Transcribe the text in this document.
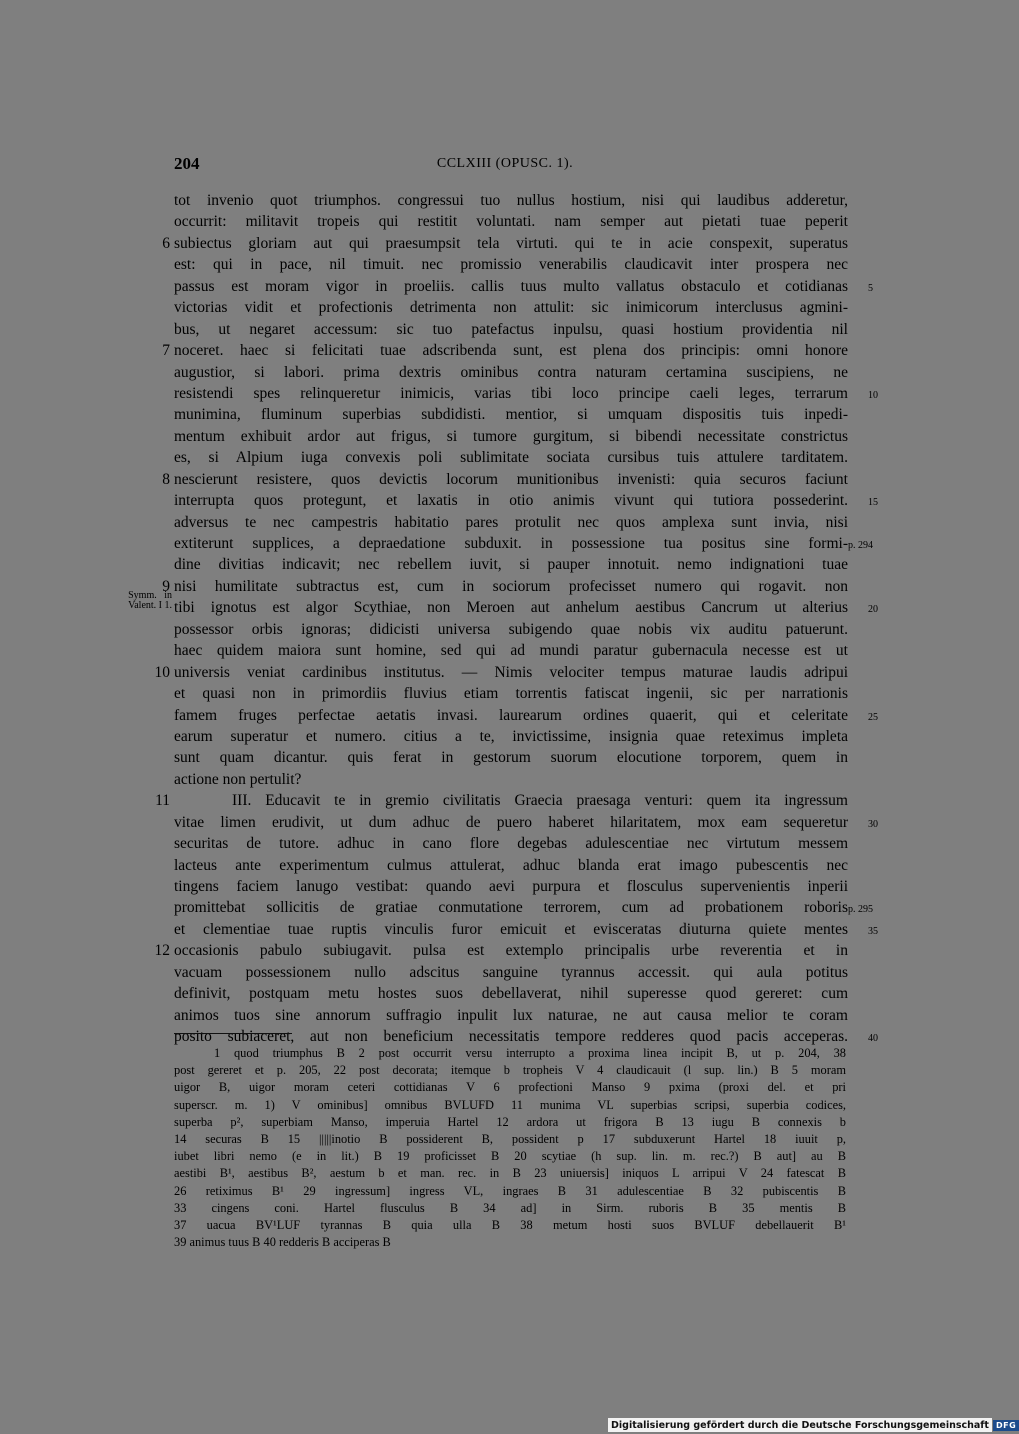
204	CCLXIII (OPUSC. 1).
tot invenio quot triumphos. congressui tuo nullus hostium, nisi qui laudibus adderetur,
occurrit: militavit tropeis qui restitit voluntati. nam semper aut pietati tuae peperit
subiectus gloriam aut qui praesumpsit tela virtuti. qui te in acie conspexit, superatus
6
est: qui in pace, nil timuit. nec promissio venerabilis claudicavit inter prospera nec
passus est moram vigor in proeliis. callis tuus multo vallatus obstaculo et cotidianas 5
victorias vidit et profectionis detrimenta non attulit: sic inimicorum interclusus agmini-
bus, ut negaret accessum: sic tuo patefactus inpulsu, quasi hostium providentia nil
noceret. haec si felicitati tuae adscribenda sunt, est plena dos principis: omni honore
7
augustior, si labori. prima dextris ominibus contra naturam certamina suscipiens, ne
resistendi spes relinqueretur inimicis, varias tibi loco principe caeli leges, terrarum 10
munimina, fluminum superbias subdidisti. mentior, si umquam dispositis tuis inpedi-
mentum exhibuit ardor aut frigus, si tumore gurgitum, si bibendi necessitate constrictus
es, si Alpium iuga convexis poli sublimitate sociata cursibus tuis attulere tarditatem.
nescierunt resistere, quos devictis locorum munitionibus invenisti: quia securos faciunt
8
interrupta quos protegunt, et laxatis in otio animis vivunt qui tutiora possederint. 15
adversus te nec campestris habitatio pares protulit nec quos amplexa sunt invia, nisi
extiterunt supplices, a depraedatione subduxit. in possessione tua positus sine formi- p. 294
dine divitias indicavit; nec rebellem iuvit, si pauper innotuit. nemo indignationi tuae
nisi humilitate subtractus est, cum in sociorum profecisset numero qui rogavit. non
9
tibi ignotus est algor Scythiae, non Meroen aut anhelum aestibus Cancrum ut alterius 20
Symm. in
Valent. I 1.
possessor orbis ignoras; didicisti universa subigendo quae nobis vix auditu patuerunt.
haec quidem maiora sunt homine, sed qui ad mundi paratur gubernacula necesse est ut
universis veniat cardinibus institutus. — Nimis velociter tempus maturae laudis adripui
10
et quasi non in primordiis fluvius etiam torrentis fatiscat ingenii, sic per narrationis
famem fruges perfectae aetatis invasi. laurearum ordines quaerit, qui et celeritate 25
earum superatur et numero. citius a te, invictissime, insignia quae reteximus impleta
sunt quam dicantur. quis ferat in gestorum suorum elocutione torporem, quem in
actione non pertulit?
III. Educavit te in gremio civilitatis Graecia praesaga venturi: quem ita ingressum
11
vitae limen erudivit, ut dum adhuc de puero haberet hilaritatem, mox eam sequeretur 30
securitas de tutore. adhuc in cano flore degebas adulescentiae nec virtutum messem
lacteus ante experimentum culmus attulerat, adhuc blanda erat imago pubescentis nec
tingens faciem lanugo vestibat: quando aevi purpura et flosculus supervenientis inperii
promittebat sollicitis de gratiae conmutatione terrorem, cum ad probationem roboris p. 295
et clementiae tuae ruptis vinculis furor emicuit et evisceratas diuturna quiete mentes 35
occasionis pabulo subiugavit. pulsa est extemplo principalis urbe reverentia et in
12
vacuam possessionem nullo adscitus sanguine tyrannus accessit. qui aula potitus
definivit, postquam metu hostes suos debellaverat, nihil superesse quod gereret: cum
animos tuos sine annorum suffragio inpulit lux naturae, ne aut causa melior te coram
posito subiaceret, aut non beneficium necessitatis tempore redderes quod pacis acceperas. 40
1 quod triumphus B 2 post occurrit versu interrupto a proxima linea incipit B, ut p. 204, 38
post gereret et p. 205, 22 post decorata; itemque b tropheis V 4 claudicauit (l sup. lin.) B 5 moram
uigor B, uigor moram ceteri cottidianas V 6 profectioni Manso 9 pxima (proxi del. et pri
superscr. m. 1) V ominibus] omnibus BVLUFD 11 munima VL superbias scripsi, superbia codices,
superba p², superbiam Manso, imperuia Hartel 12 ardora ut frigora B 13 iugu B connexis b
14 securas B 15 |||||inotio B possiderent B, possident p 17 subduxerunt Hartel 18 iuuit p,
iubet libri nemo (e in lit.) B 19 proficisset B 20 scytiae (h sup. lin. m. rec.?) B aut] au B
aestibi B¹, aestibus B², aestum b et man. rec. in B 23 uniuersis] iniquos L arripui V 24 fatescat B
26 retiximus B¹ 29 ingressum] ingress VL, ingraes B 31 adulescentiae B 32 pubiscentis B
33 cingens coni. Hartel flusculus B 34 ad] in Sirm. ruboris B 35 mentis B
37 uacua BV¹LUF tyrannas B quia ulla B 38 metum hosti suos BVLUF debellauerit B¹
39 animus tuus B 40 redderis B acciperas B
Digitalisierung gefördert durch die Deutsche Forschungsgemeinschaft DFG
